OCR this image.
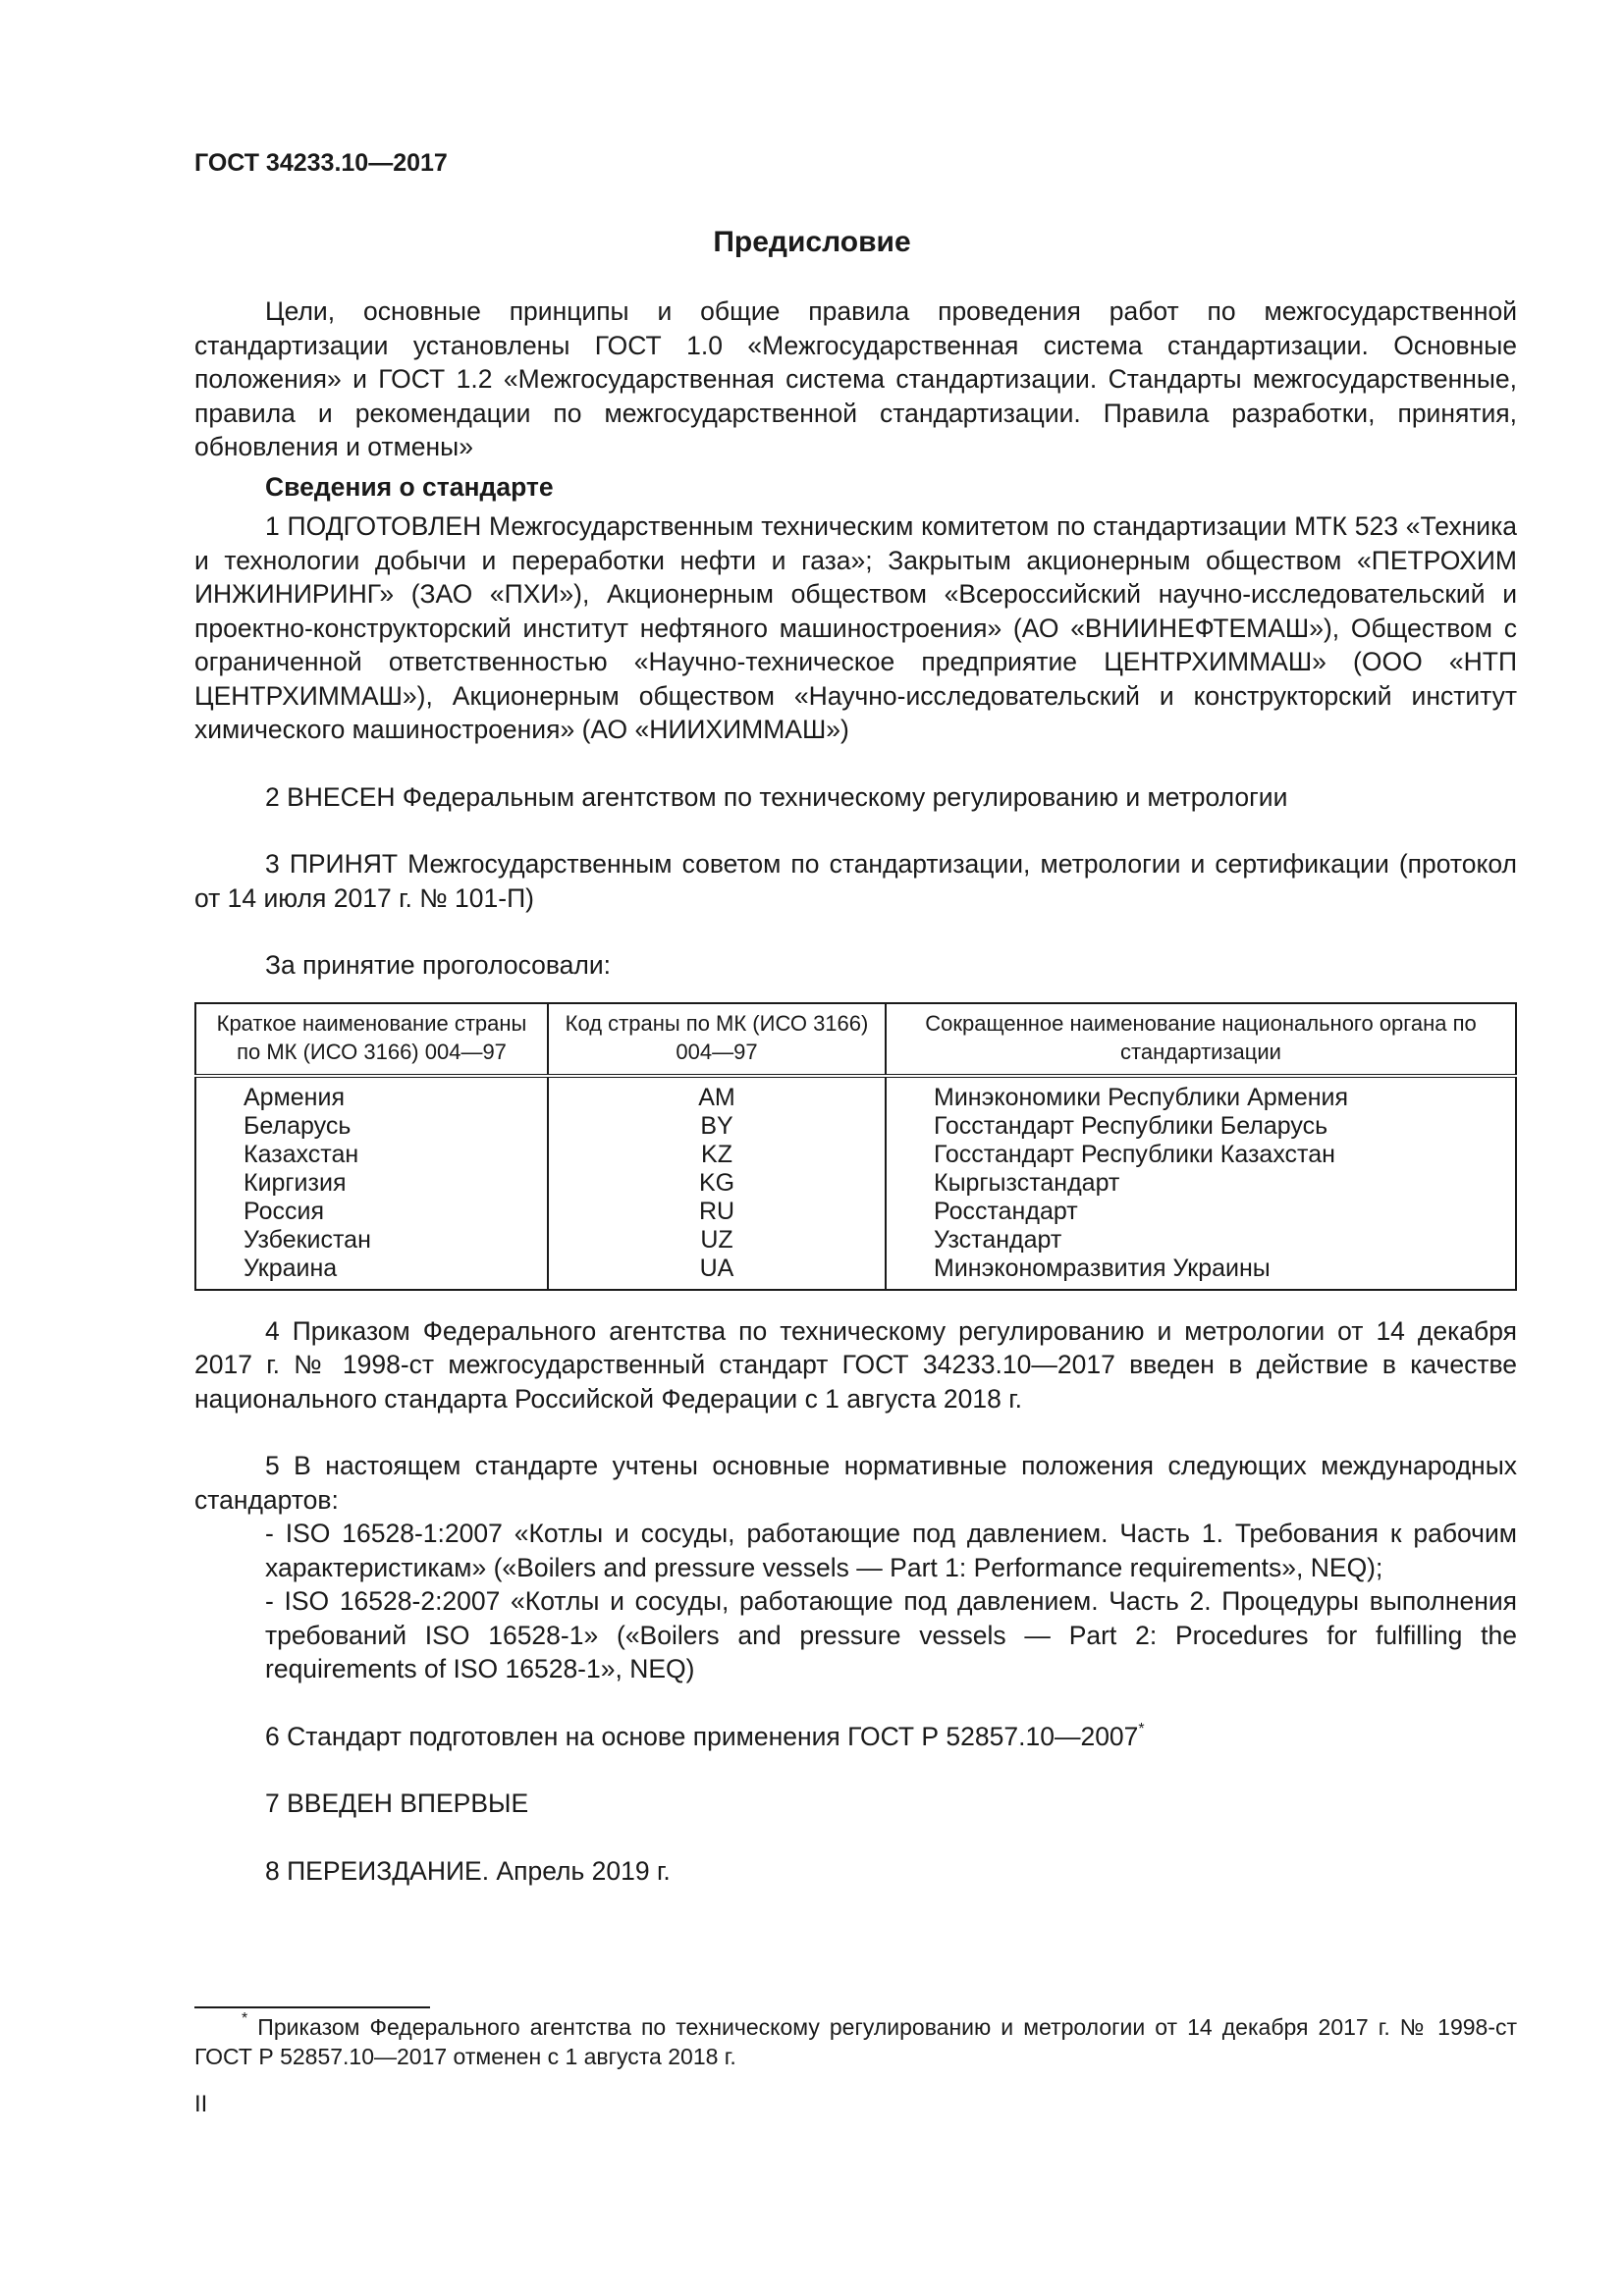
ГОСТ 34233.10—2017
Предисловие

Цели, основные принципы и общие правила проведения работ по межгосударственной стандартизации установлены ГОСТ 1.0 «Межгосударственная система стандартизации. Основные положения» и ГОСТ 1.2 «Межгосударственная система стандартизации. Стандарты межгосударственные, правила и рекомендации по межгосударственной стандартизации. Правила разработки, принятия, обновления и отмены»

Сведения о стандарте

1 ПОДГОТОВЛЕН Межгосударственным техническим комитетом по стандартизации МТК 523 «Техника и технологии добычи и переработки нефти и газа»; Закрытым акционерным обществом «ПЕТРОХИМ ИНЖИНИРИНГ» (ЗАО «ПХИ»), Акционерным обществом «Всероссийский научно-исследовательский и проектно-конструкторский институт нефтяного машиностроения» (АО «ВНИИНЕФТЕМАШ»), Обществом с ограниченной ответственностью «Научно-техническое предприятие ЦЕНТРХИММАШ» (ООО «НТП ЦЕНТРХИММАШ»), Акционерным обществом «Научно-исследовательский и конструкторский институт химического машиностроения» (АО «НИИХИММАШ»)

2 ВНЕСЕН Федеральным агентством по техническому регулированию и метрологии

3 ПРИНЯТ Межгосударственным советом по стандартизации, метрологии и сертификации (протокол от 14 июля 2017 г. № 101-П)

За принятие проголосовали:

Краткое наименование страны по МК (ИСО 3166) 004—97	Код страны по МК (ИСО 3166) 004—97	Сокращенное наименование национального органа по стандартизации
Армения	AM	Минэкономики Республики Армения
Беларусь	BY	Госстандарт Республики Беларусь
Казахстан	KZ	Госстандарт Республики Казахстан
Киргизия	KG	Кыргызстандарт
Россия	RU	Росстандарт
Узбекистан	UZ	Узстандарт
Украина	UA	Минэкономразвития Украины

4 Приказом Федерального агентства по техническому регулированию и метрологии от 14 декабря 2017 г. № 1998-ст межгосударственный стандарт ГОСТ 34233.10—2017 введен в действие в качестве национального стандарта Российской Федерации с 1 августа 2018 г.

5 В настоящем стандарте учтены основные нормативные положения следующих международных стандартов:

- ISO 16528-1:2007 «Котлы и сосуды, работающие под давлением. Часть 1. Требования к рабочим характеристикам» («Boilers and pressure vessels — Part 1: Performance requirements», NEQ);

- ISO 16528-2:2007 «Котлы и сосуды, работающие под давлением. Часть 2. Процедуры выполнения требований ISO 16528-1» («Boilers and pressure vessels — Part 2: Procedures for fulfilling the requirements of ISO 16528-1», NEQ)

6 Стандарт подготовлен на основе применения ГОСТ Р 52857.10—2007*

7 ВВЕДЕН ВПЕРВЫЕ

8 ПЕРЕИЗДАНИЕ. Апрель 2019 г.

* Приказом Федерального агентства по техническому регулированию и метрологии от 14 декабря 2017 г. № 1998-ст ГОСТ Р 52857.10—2017 отменен с 1 августа 2018 г.
II
